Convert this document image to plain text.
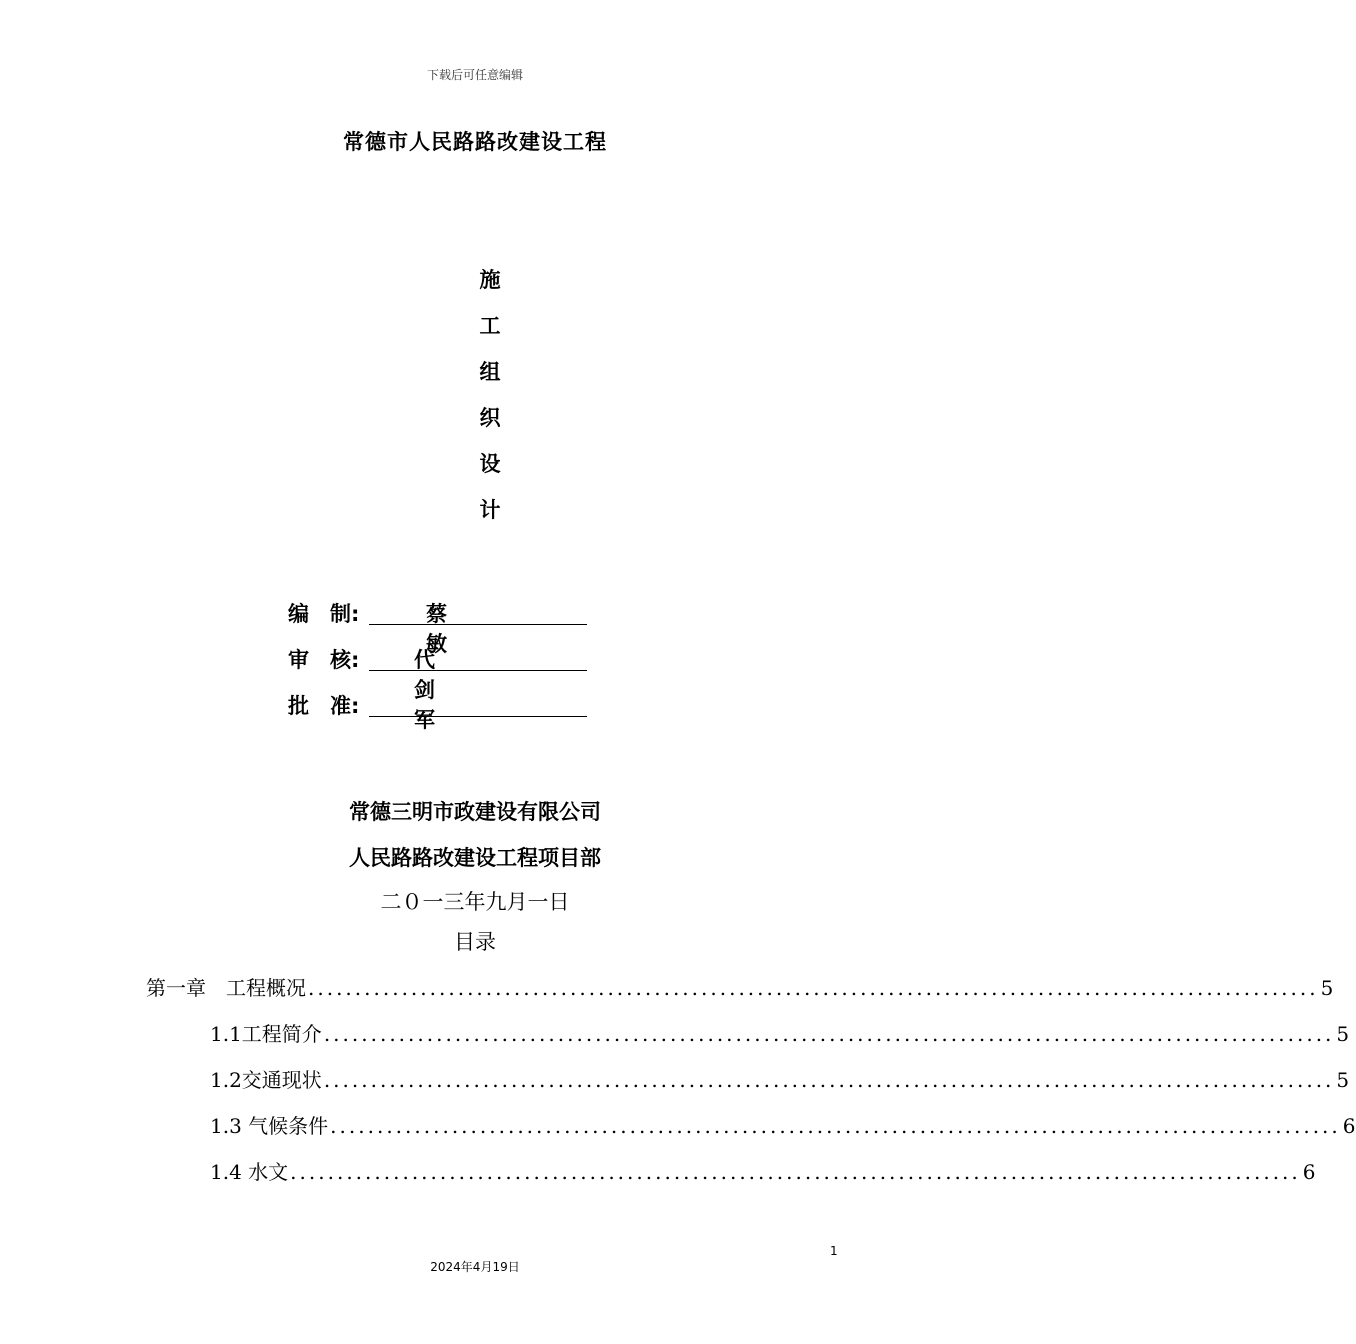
下载后可任意编辑
常德市人民路路改建设工程
施
工
组
织
设
计
编　制:	蔡敏
审　核:	代剑军
批　准:
常德三明市政建设有限公司
人民路路改建设工程项目部
二０一三年九月一日
目录
第一章　工程概况 ............................................................................................................ 5
1.1工程简介 ............................................................................................................ 5
1.2交通现状 ............................................................................................................ 5
1.3 气候条件 ............................................................................................................ 6
1.4 水文 ............................................................................................................ 6
1
2024年4月19日
